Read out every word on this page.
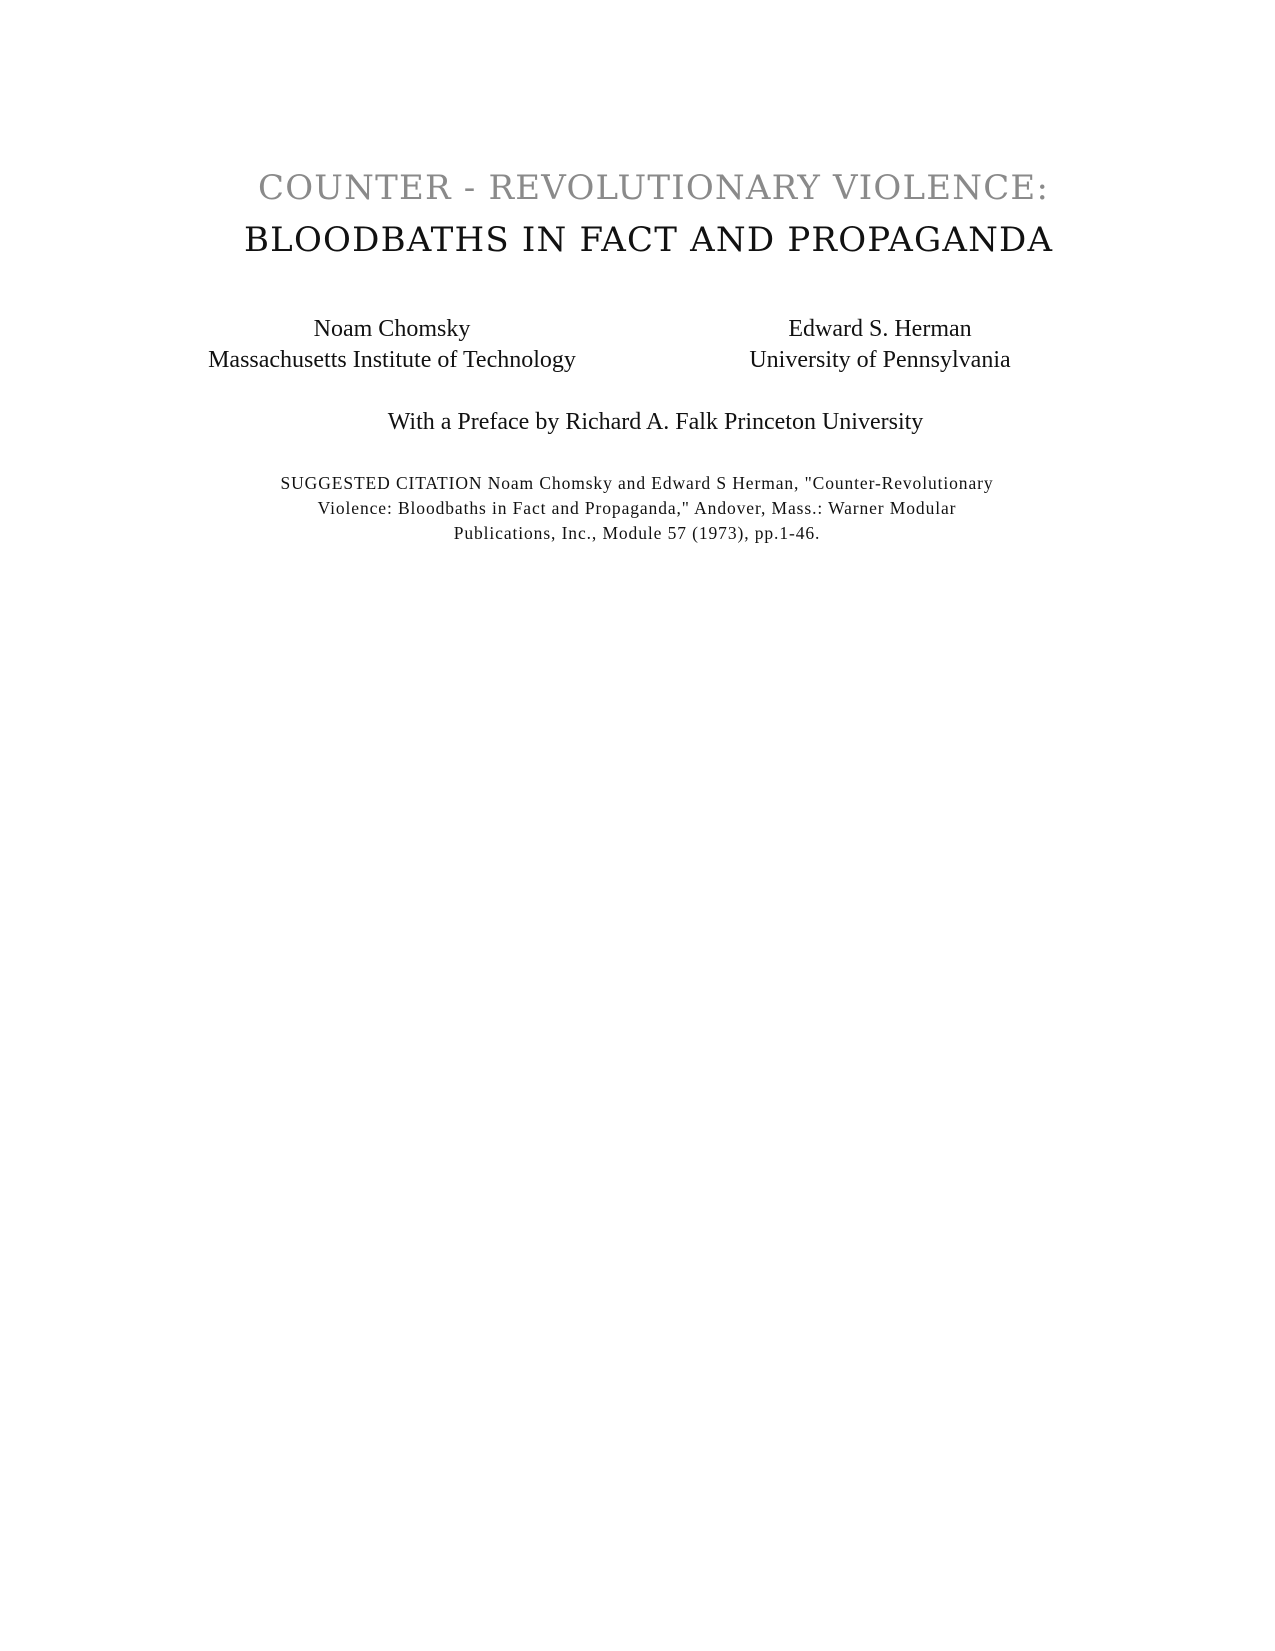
COUNTER - REVOLUTIONARY VIOLENCE:
BLOODBATHS IN FACT AND PROPAGANDA
Noam Chomsky
Massachusetts Institute of Technology
Edward S. Herman
University of Pennsylvania
With a Preface by Richard A. Falk Princeton University
SUGGESTED CITATION Noam Chomsky and Edward S Herman, "Counter-Revolutionary
Violence: Bloodbaths in Fact and Propaganda," Andover, Mass.: Warner Modular
Publications, Inc., Module 57 (1973), pp.1-46.
